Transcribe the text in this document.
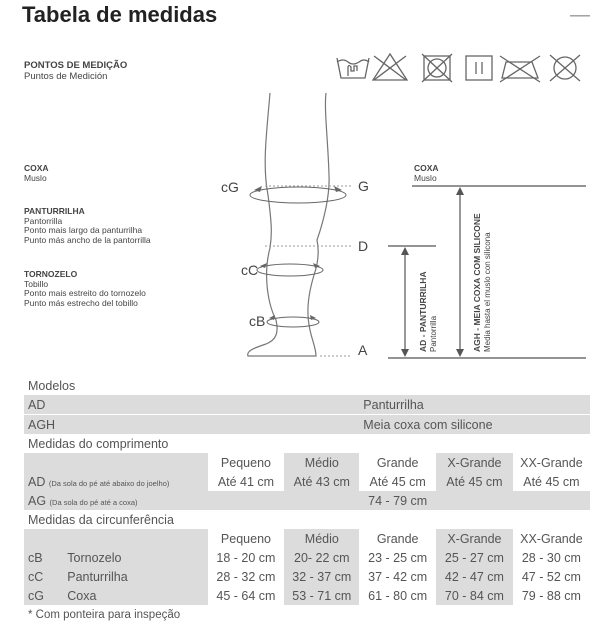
Tabela de medidas	—
PONTOS DE MEDIÇÃO
Puntos de Medición
COXA
Muslo
PANTURRILHA
Pantorrilla
Ponto mais largo da panturrilha
Punto más ancho de la pantorrilla
TORNOZELO
Tobillo
Ponto mais estreito do tornozelo
Punto más estrecho del tobillo
COXA
Muslo
cG
cC
cB
G
D
A	AD - PANTURRILHA Pantorrilla	AGH - MEIA COXA COM SILICONE Media hasta el muslo con silicona
Modelos						
AD				Panturrilha		
AGH				Meia coxa com silicone		
Medidas do comprimento						
		Pequeno	Médio	Grande	X-Grande	XX-Grande
AD (Da sola do pé até abaixo do joelho)		Até 41 cm	Até 43 cm	Até 45 cm	Até 45 cm	Até 45 cm
AG (Da sola do pé até a coxa)				74 - 79 cm		
Medidas da circunferência						
		Pequeno	Médio	Grande	X-Grande	XX-Grande
cB	Tornozelo	18 - 20 cm	20- 22 cm	23 - 25 cm	25 - 27 cm	28 - 30 cm
cC	Panturrilha	28 - 32 cm	32 - 37 cm	37 - 42 cm	42 - 47 cm	47 - 52 cm
cG	Coxa	45 - 64 cm	53 - 71 cm	61 - 80 cm	70 - 84 cm	79 - 88 cm
* Com ponteira para inspeção
